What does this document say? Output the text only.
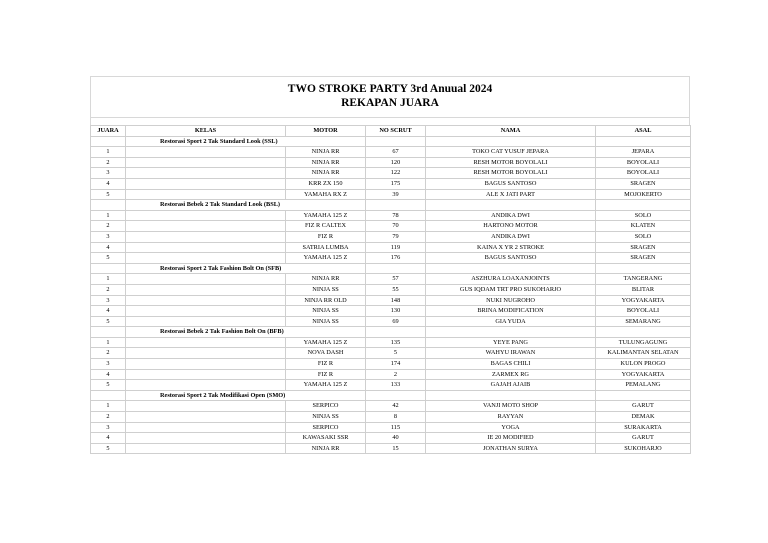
TWO STROKE PARTY 3rd Anuual 2024
REKAPAN JUARA
JUARA	KELAS	MOTOR	NO SCRUT	NAMA	ASAL
	Restorasi Sport 2 Tak Standard Look (SSL)				
1		NINJA RR	67	TOKO CAT YUSUF JEPARA	JEPARA
2		NINJA RR	120	RESH MOTOR BOYOLALI	BOYOLALI
3		NINJA RR	122	RESH MOTOR BOYOLALI	BOYOLALI
4		KRR ZX 150	175	BAGUS SANTOSO	SRAGEN
5		YAMAHA RX Z	39	ALE X JATI PART	MOJOKERTO
	Restorasi Bebek 2 Tak Standard Look (BSL)				
1		YAMAHA 125 Z	78	ANDIKA DWI	SOLO
2		FIZ R CALTEX	70	HARTONO MOTOR	KLATEN
3		FIZ R	79	ANDIKA DWI	SOLO
4		SATRIA LUMBA	119	KAINA X YR 2 STROKE	SRAGEN
5		YAMAHA 125 Z	176	BAGUS SANTOSO	SRAGEN
	Restorasi Sport 2 Tak Fashion Bolt On (SFB)				
1		NINJA RR	57	ASZHURA LOAXANJOINTS	TANGERANG
2		NINJA SS	55	GUS IQDAM TRT PRO SUKOHARJO	BLITAR
3		NINJA RR OLD	148	NUKI NUGROHO	YOGYAKARTA
4		NINJA SS	130	BRINA MODIFICATION	BOYOLALI
5		NINJA SS	69	GIA YUDA	SEMARANG
	Restorasi Bebek 2 Tak Fashion Bolt On (BFB)				
1		YAMAHA 125 Z	135	YEYE PANG	TULUNGAGUNG
2		NOVA DASH	5	WAHYU IRAWAN	KALIMANTAN SELATAN
3		FIZ R	174	BAGAS CHILI	KULON PROGO
4		FIZ R	2	ZARMEX RG	YOGYAKARTA
5		YAMAHA 125 Z	133	GAJAH AJAIB	PEMALANG
	Restorasi Sport 2 Tak Modifikasi Open (SMO)				
1		SERPICO	42	VANJI MOTO SHOP	GARUT
2		NINJA SS	8	RAYYAN	DEMAK
3		SERPICO	115	YOGA	SURAKARTA
4		KAWASAKI SSR	40	IE 20 MODIFIED	GARUT
5		NINJA RR	15	JONATHAN SURYA	SUKOHARJO
